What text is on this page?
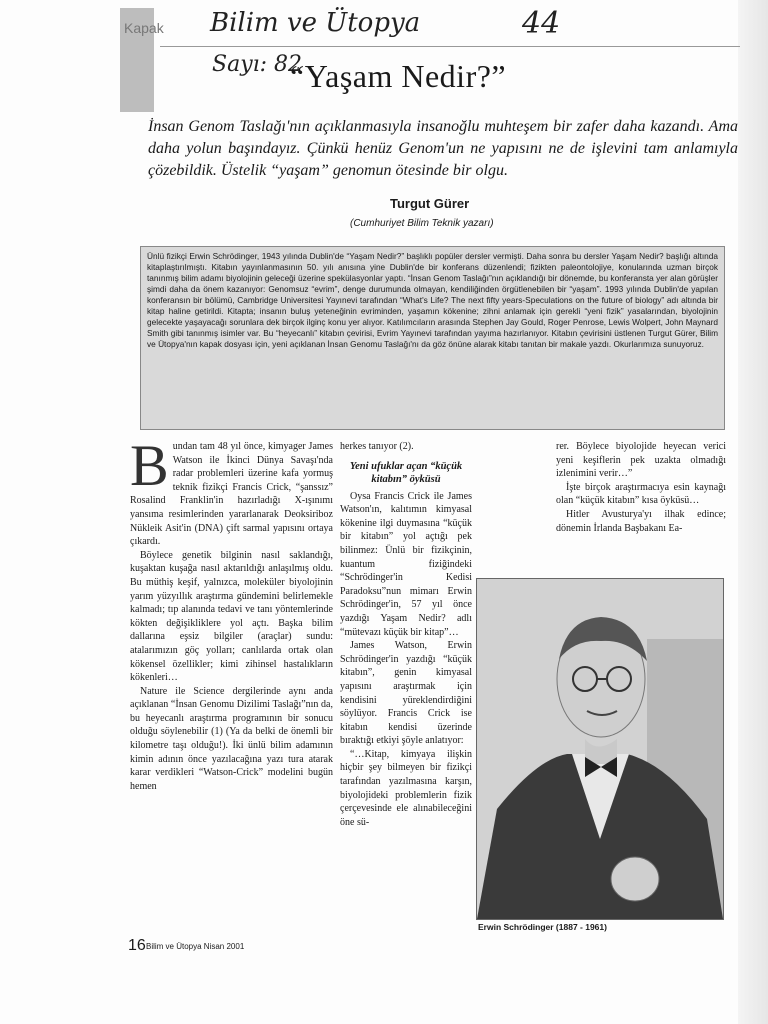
Kapak Bilim ve Ütopya	44
Sayı: 82
“Yaşam Nedir?”
İnsan Genom Taslağı'nın açıklanmasıyla insanoğlu muhteşem bir zafer daha kazandı. Ama daha yolun başındayız. Çünkü henüz Genom'un ne yapısını ne de işlevini tam anlamıyla çözebildik. Üstelik “yaşam” genomun ötesinde bir olgu.
Turgut Gürer
(Cumhuriyet Bilim Teknik yazarı)
Ünlü fizikçi Erwin Schrödinger, 1943 yılında Dublin'de “Yaşam Nedir?” başlıklı popüler dersler vermişti. Daha sonra bu dersler Yaşam Nedir? başlığı altında kitaplaştırılmıştı. Kitabın yayınlanmasının 50. yılı anısına yine Dublin'de bir konferans düzenlendi; fizikten paleontolojiye, konularında uzman birçok tanınmış bilim adamı biyolojinin geleceği üzerine spekülasyonlar yaptı. “İnsan Genom Taslağı”nın açıklandığı bir dönemde, bu konferansta yer alan görüşler şimdi daha da önem kazanıyor: Genomsuz “evrim”, denge durumunda olmayan, kendiliğinden örgütlenebilen bir “yaşam”. 1993 yılında Dublin'de yapılan konferansın bir bölümü, Cambridge Universitesi Yayınevi tarafından “What's Life? The next fifty years-Speculations on the future of biology” adı altında bir kitap haline getirildi. Kitapta; insanın buluş yeteneğinin evriminden, yaşamın kökenine; zihni anlamak için gerekli “yeni fizik” yasalarından, biyolojinin gelecekte yaşayacağı sorunlara dek birçok ilginç konu yer alıyor. Katılımcıların arasında Stephen Jay Gould, Roger Penrose, Lewis Wolpert, John Maynard Smith gibi tanınmış isimler var. Bu “heyecanlı” kitabın çevirisi, Evrim Yayınevi tarafından yayıma hazırlanıyor. Kitabın çevirisini üstlenen Turgut Gürer, Bilim ve Ütopya'nın kapak dosyası için, yeni açıklanan İnsan Genomu Taslağı'nı da göz önüne alarak kitabı tanıtan bir makale yazdı. Okurlarımıza sunuyoruz.
B undan tam 48 yıl önce, kimyager James Watson ile İkinci Dünya Savaşı'nda radar problemleri üzerine kafa yormuş teknik fizikçi Francis Crick, “şanssız” Rosalind Franklin'in hazırladığı X-ışınımı yansıma resimlerinden yararlanarak Deoksiriboz Nükleik Asit'in (DNA) çift sarmal yapısını ortaya çıkardı.

Böylece genetik bilginin nasıl saklandığı, kuşaktan kuşağa nasıl aktarıldığı anlaşılmış oldu. Bu müthiş keşif, yalnızca, moleküler biyolojinin yarım yüzyıllık araştırma gündemini belirlemekle kalmadı; tıp alanında tedavi ve tanı yöntemlerinde kökten değişikliklere yol açtı. Başka bilim dallarına eşsiz bilgiler (araçlar) sundu: atalarımızın göç yolları; canlılarda ortak olan kökensel özellikler; kimi zihinsel hastalıkların kökenleri…

Nature ile Science dergilerinde aynı anda açıklanan “İnsan Genomu Dizilimi Taslağı”nın da, bu heyecanlı araştırma programının bir sonucu olduğu söylenebilir (1) (Ya da belki de önemli bir kilometre taşı olduğu!). İki ünlü bilim adamının kimin adının önce yazılacağına yazı tura atarak karar verdikleri “Watson-Crick” modelini bugün hemen

herkes tanıyor (2).

Yeni ufuklar açan “küçük kitabın” öyküsü

Oysa Francis Crick ile James Watson'ın, kalıtımın kimyasal kökenine ilgi duymasına “küçük bir kitabın” yol açtığı pek bilinmez: Ünlü bir fizikçinin, kuantum fiziğindeki “Schrödinger'in Kedisi Paradoksu”nun mimarı Erwin Schrödinger'in, 57 yıl önce yazdığı Yaşam Nedir? adlı “mütevazı küçük bir kitap”…

James Watson, Erwin Schrödinger'in yazdığı “küçük kitabın”, genin kimyasal yapısını araştırmak için kendisini yüreklendirdiğini söylüyor. Francis Crick ise kitabın kendisi üzerinde bıraktığı etkiyi şöyle anlatıyor:

“…Kitap, kimyaya ilişkin hiçbir şey bilmeyen bir fizikçi tarafından yazılmasına karşın, biyolojideki problemlerin fizik çerçevesinde ele alınabileceğini öne sü-

rer. Böylece biyolojide heyecan verici yeni keşiflerin pek uzakta olmadığı izlenimini verir…”

İşte birçok araştırmacıya esin kaynağı olan “küçük kitabın” kısa öyküsü…

Hitler Avusturya'yı ilhak edince; dönemin İrlanda Başbakanı Ea-

Erwin Schrödinger (1887 - 1961)
16 Bilim ve Ütopya Nisan 2001
